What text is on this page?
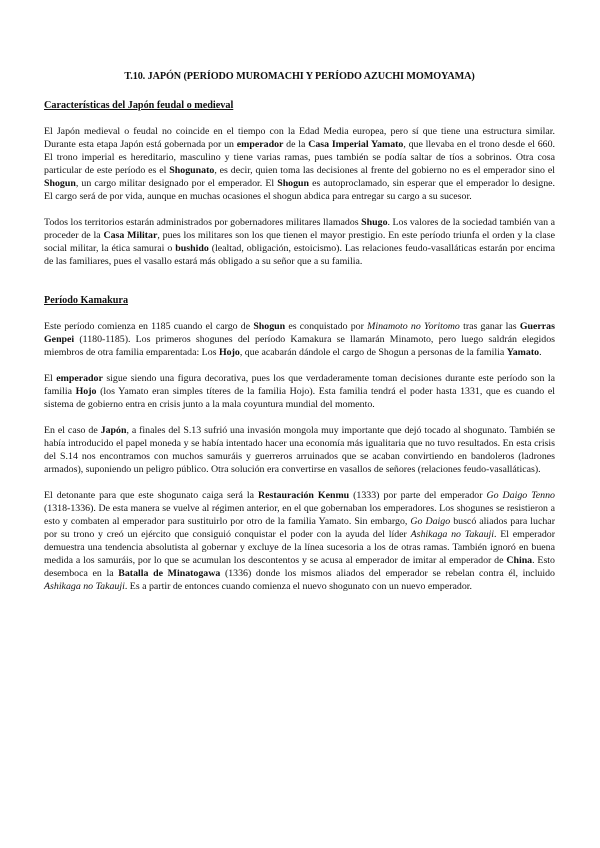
T.10. JAPÓN (PERÍODO MUROMACHI Y PERÍODO AZUCHI MOMOYAMA)
Características del Japón feudal o medieval

El Japón medieval o feudal no coincide en el tiempo con la Edad Media europea, pero sí que tiene una estructura similar. Durante esta etapa Japón está gobernada por un emperador de la Casa Imperial Yamato, que llevaba en el trono desde el 660. El trono imperial es hereditario, masculino y tiene varias ramas, pues también se podía saltar de tíos a sobrinos. Otra cosa particular de este período es el Shogunato, es decir, quien toma las decisiones al frente del gobierno no es el emperador sino el Shogun, un cargo militar designado por el emperador. El Shogun es autoproclamado, sin esperar que el emperador lo designe. El cargo será de por vida, aunque en muchas ocasiones el shogun abdica para entregar su cargo a su sucesor.

Todos los territorios estarán administrados por gobernadores militares llamados Shugo. Los valores de la sociedad también van a proceder de la Casa Militar, pues los militares son los que tienen el mayor prestigio. En este período triunfa el orden y la clase social militar, la ética samurai o bushido (lealtad, obligación, estoicismo). Las relaciones feudo-vasalláticas estarán por encima de las familiares, pues el vasallo estará más obligado a su señor que a su familia.

Período Kamakura

Este período comienza en 1185 cuando el cargo de Shogun es conquistado por Minamoto no Yoritomo tras ganar las Guerras Genpei (1180-1185). Los primeros shogunes del período Kamakura se llamarán Minamoto, pero luego saldrán elegidos miembros de otra familia emparentada: Los Hojo, que acabarán dándole el cargo de Shogun a personas de la familia Yamato.

El emperador sigue siendo una figura decorativa, pues los que verdaderamente toman decisiones durante este período son la familia Hojo (los Yamato eran simples títeres de la familia Hojo). Esta familia tendrá el poder hasta 1331, que es cuando el sistema de gobierno entra en crisis junto a la mala coyuntura mundial del momento.

En el caso de Japón, a finales del S.13 sufrió una invasión mongola muy importante que dejó tocado al shogunato. También se había introducido el papel moneda y se había intentado hacer una economía más igualitaria que no tuvo resultados. En esta crisis del S.14 nos encontramos con muchos samuráis y guerreros arruinados que se acaban convirtiendo en bandoleros (ladrones armados), suponiendo un peligro público. Otra solución era convertirse en vasallos de señores (relaciones feudo-vasalláticas).

El detonante para que este shogunato caiga será la Restauración Kenmu (1333) por parte del emperador Go Daigo Tenno (1318-1336). De esta manera se vuelve al régimen anterior, en el que gobernaban los emperadores. Los shogunes se resistieron a esto y combaten al emperador para sustituirlo por otro de la familia Yamato. Sin embargo, Go Daigo buscó aliados para luchar por su trono y creó un ejército que consiguió conquistar el poder con la ayuda del líder Ashikaga no Takauji. El emperador demuestra una tendencia absolutista al gobernar y excluye de la línea sucesoria a los de otras ramas. También ignoró en buena medida a los samuráis, por lo que se acumulan los descontentos y se acusa al emperador de imitar al emperador de China. Esto desemboca en la Batalla de Minatogawa (1336) donde los mismos aliados del emperador se rebelan contra él, incluido Ashikaga no Takauji. Es a partir de entonces cuando comienza el nuevo shogunato con un nuevo emperador.
